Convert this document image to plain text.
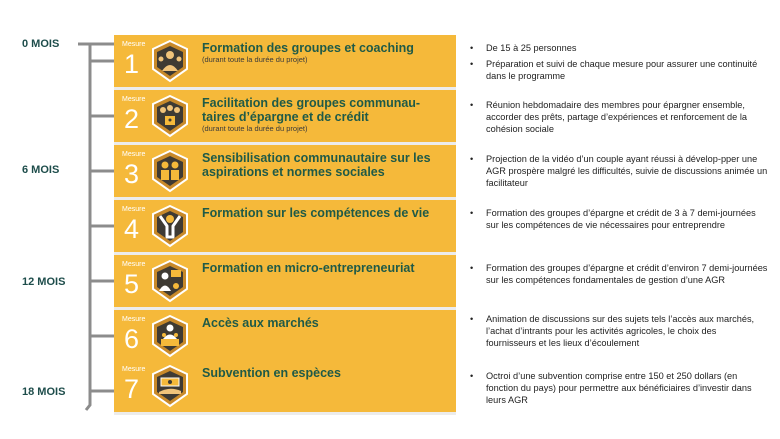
0 MOIS
6 MOIS
12 MOIS
18 MOIS
Mesure
1
Formation des groupes et coaching
(durant toute la durée du projet)
• De 15 à 25 personnes
• Préparation et suivi de chaque mesure pour assurer une continuité dans le programme
Mesure
2
Facilitation des groupes communau-taires d’épargne et de crédit
(durant toute la durée du projet)
• Réunion hebdomadaire des membres pour épargner ensemble, accorder des prêts, partage d’expériences et renforcement de la cohésion sociale
Mesure
3
Sensibilisation communautaire sur les aspirations et normes sociales
• Projection de la vidéo d’un couple ayant réussi à dévelop-pper une AGR prospère malgré les difficultés, suivie de discussions animée un facilitateur
Mesure
4
Formation sur les compétences de vie	• Formation des groupes d’épargne et crédit de 3 à 7 demi-journées sur les compétences de vie nécessaires pour entreprendre
Mesure
5
Formation en micro-entrepreneuriat	• Formation des groupes d’épargne et crédit d’environ 7 demi-journées sur les compétences fondamentales de gestion d’une AGR
Mesure
6
Accès aux marchés	• Animation de discussions sur des sujets tels l’accès aux marchés, l’achat d’intrants pour les activités agricoles, le choix des fournisseurs et les lieux d’écoulement
Mesure
7
Subvention en espèces	• Octroi d’une subvention comprise entre 150 et 250 dollars (en fonction du pays) pour permettre aux bénéficiaires d’investir dans leurs AGR
